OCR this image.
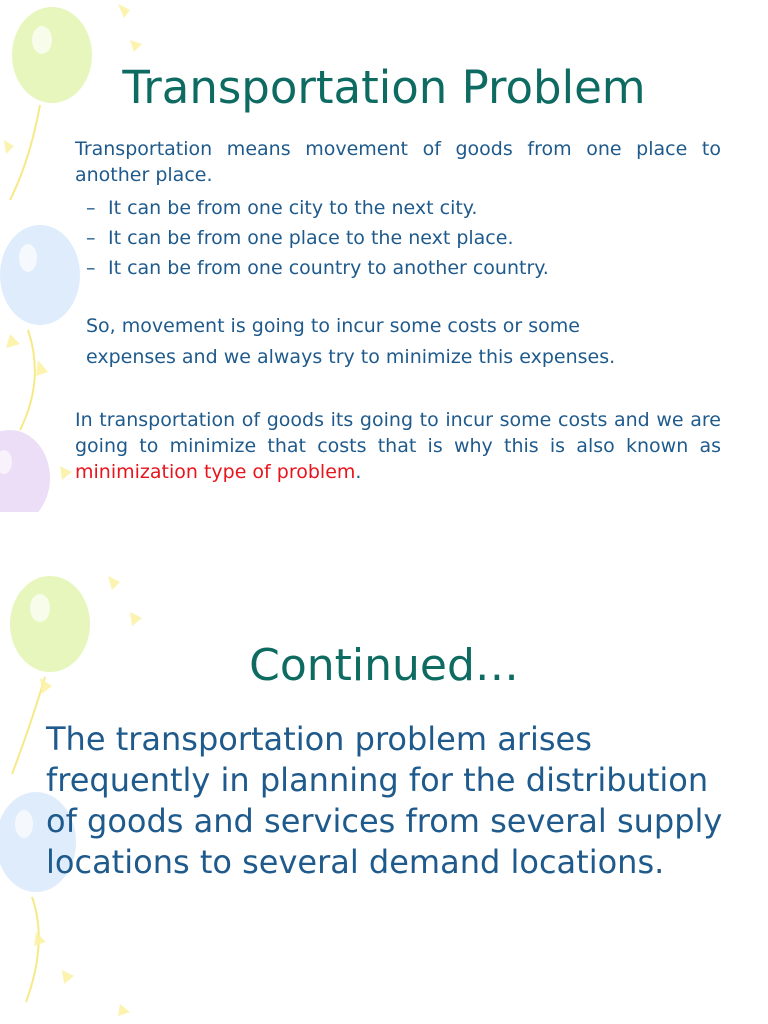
Transportation Problem

Transportation means movement of goods from one place to another place.

– It can be from one city to the next city.
– It can be from one place to the next place.
– It can be from one country to another country.

So, movement is going to incur some costs or some
expenses and we always try to minimize this expenses.

In transportation of goods its going to incur some costs and we are going to minimize that costs that is why this is also known as minimization type of problem.

Continued…

The transportation problem arises frequently in planning for the distribution of goods and services from several supply locations to several demand locations.
